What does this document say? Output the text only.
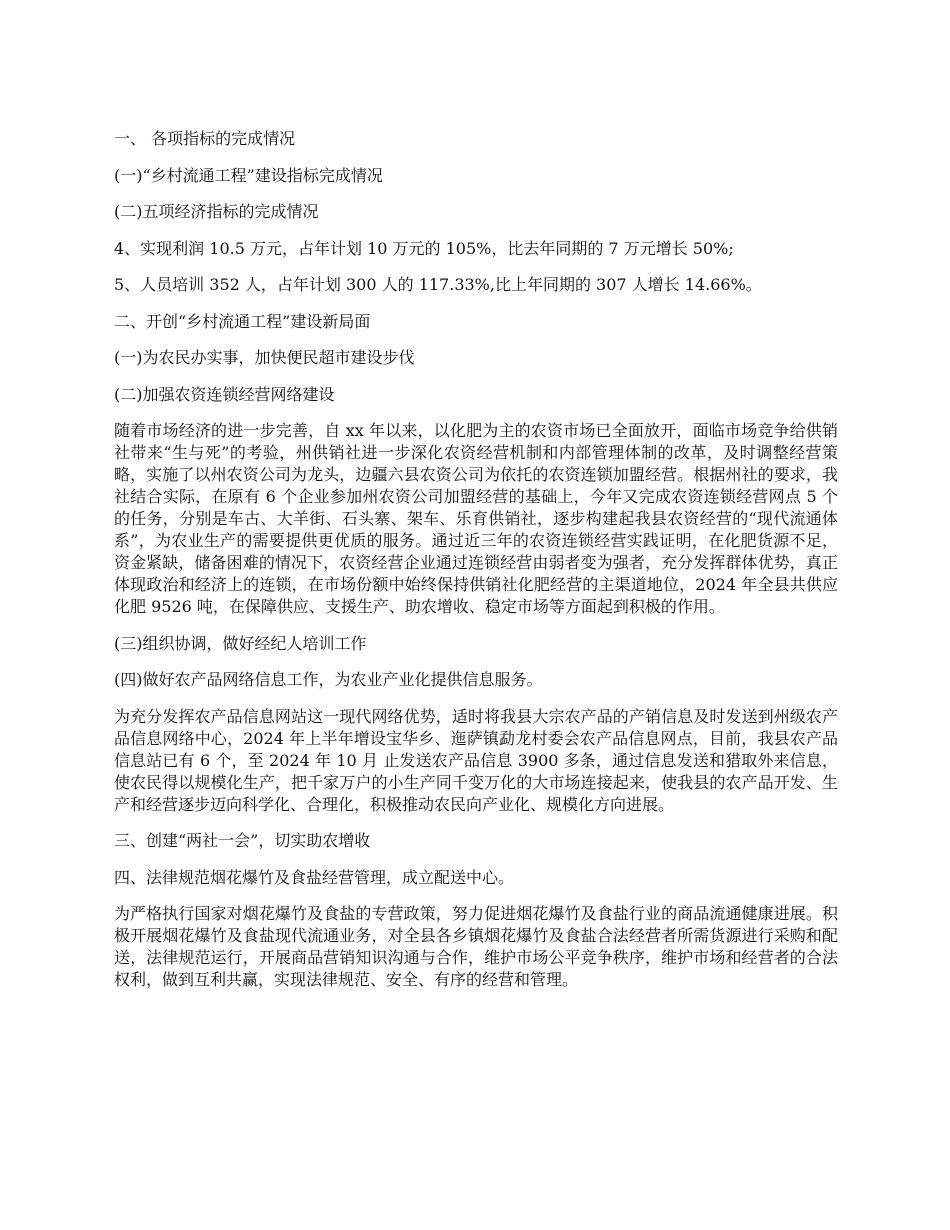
一、 各项指标的完成情况
(一)“乡村流通工程”建设指标完成情况
(二)五项经济指标的完成情况
4、实现利润 10.5 万元，占年计划 10 万元的 105%，比去年同期的 7 万元增长 50%;
5、人员培训 352 人，占年计划 300 人的 117.33%,比上年同期的 307 人增长 14.66%。
二、开创“乡村流通工程”建设新局面
(一)为农民办实事，加快便民超市建设步伐
(二)加强农资连锁经营网络建设

随着市场经济的进一步完善，自 xx 年以来，以化肥为主的农资市场已全面放开，面临市场竞争给供销社带来“生与死”的考验，州供销社进一步深化农资经营机制和内部管理体制的改革，及时调整经营策略，实施了以州农资公司为龙头，边疆六县农资公司为依托的农资连锁加盟经营。根据州社的要求，我社结合实际，在原有 6 个企业参加州农资公司加盟经营的基础上，今年又完成农资连锁经营网点 5 个的任务，分别是车古、大羊街、石头寨、架车、乐育供销社，逐步构建起我县农资经营的“现代流通体系”，为农业生产的需要提供更优质的服务。通过近三年的农资连锁经营实践证明，在化肥货源不足，资金紧缺，储备困难的情况下，农资经营企业通过连锁经营由弱者变为强者，充分发挥群体优势，真正体现政治和经济上的连锁，在市场份额中始终保持供销社化肥经营的主渠道地位，2024 年全县共供应化肥 9526 吨，在保障供应、支援生产、助农增收、稳定市场等方面起到积极的作用。

(三)组织协调，做好经纪人培训工作
(四)做好农产品网络信息工作，为农业产业化提供信息服务。

为充分发挥农产品信息网站这一现代网络优势，适时将我县大宗农产品的产销信息及时发送到州级农产品信息网络中心，2024 年上半年增设宝华乡、迤萨镇勐龙村委会农产品信息网点，目前，我县农产品信息站已有 6 个，至 2024 年 10 月 止发送农产品信息 3900 多条，通过信息发送和猎取外来信息，使农民得以规模化生产，把千家万户的小生产同千变万化的大市场连接起来，使我县的农产品开发、生产和经营逐步迈向科学化、合理化，积极推动农民向产业化、规模化方向进展。

三、创建“两社一会”，切实助农增收
四、法律规范烟花爆竹及食盐经营管理，成立配送中心。

为严格执行国家对烟花爆竹及食盐的专营政策，努力促进烟花爆竹及食盐行业的商品流通健康进展。积极开展烟花爆竹及食盐现代流通业务，对全县各乡镇烟花爆竹及食盐合法经营者所需货源进行采购和配送，法律规范运行，开展商品营销知识沟通与合作，维护市场公平竞争秩序，维护市场和经营者的合法权利，做到互利共赢，实现法律规范、安全、有序的经营和管理。
